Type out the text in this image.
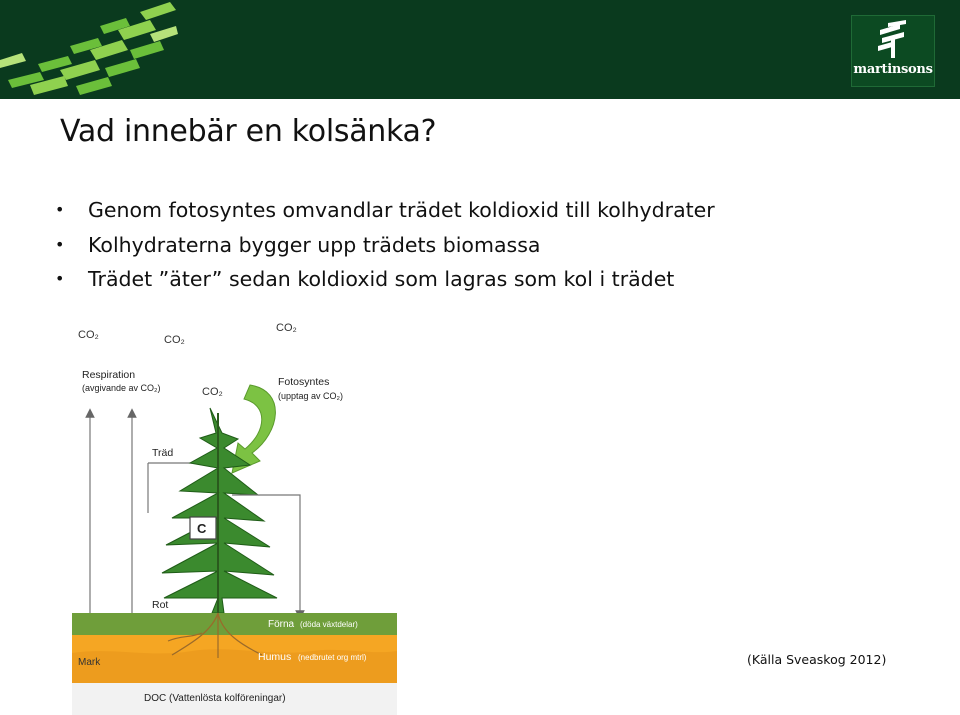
martinsons
Vad innebär en kolsänka?
• Genom fotosyntes omvandlar trädet koldioxid till kolhydrater
• Kolhydraterna bygger upp trädets biomassa
• Trädet ”äter” sedan koldioxid som lagras som kol i trädet
CO₂	CO₂
CO₂
CO₂
Respiration
(avgivande av CO₂)	Fotosyntes
(upptag av CO₂)
Träd
C
Rot
Förna (döda växtdelar)
Mark	Humus (nedbrutet org mtrl)
DOC (Vattenlösta kolföreningar)
(Källa Sveaskog 2012)
